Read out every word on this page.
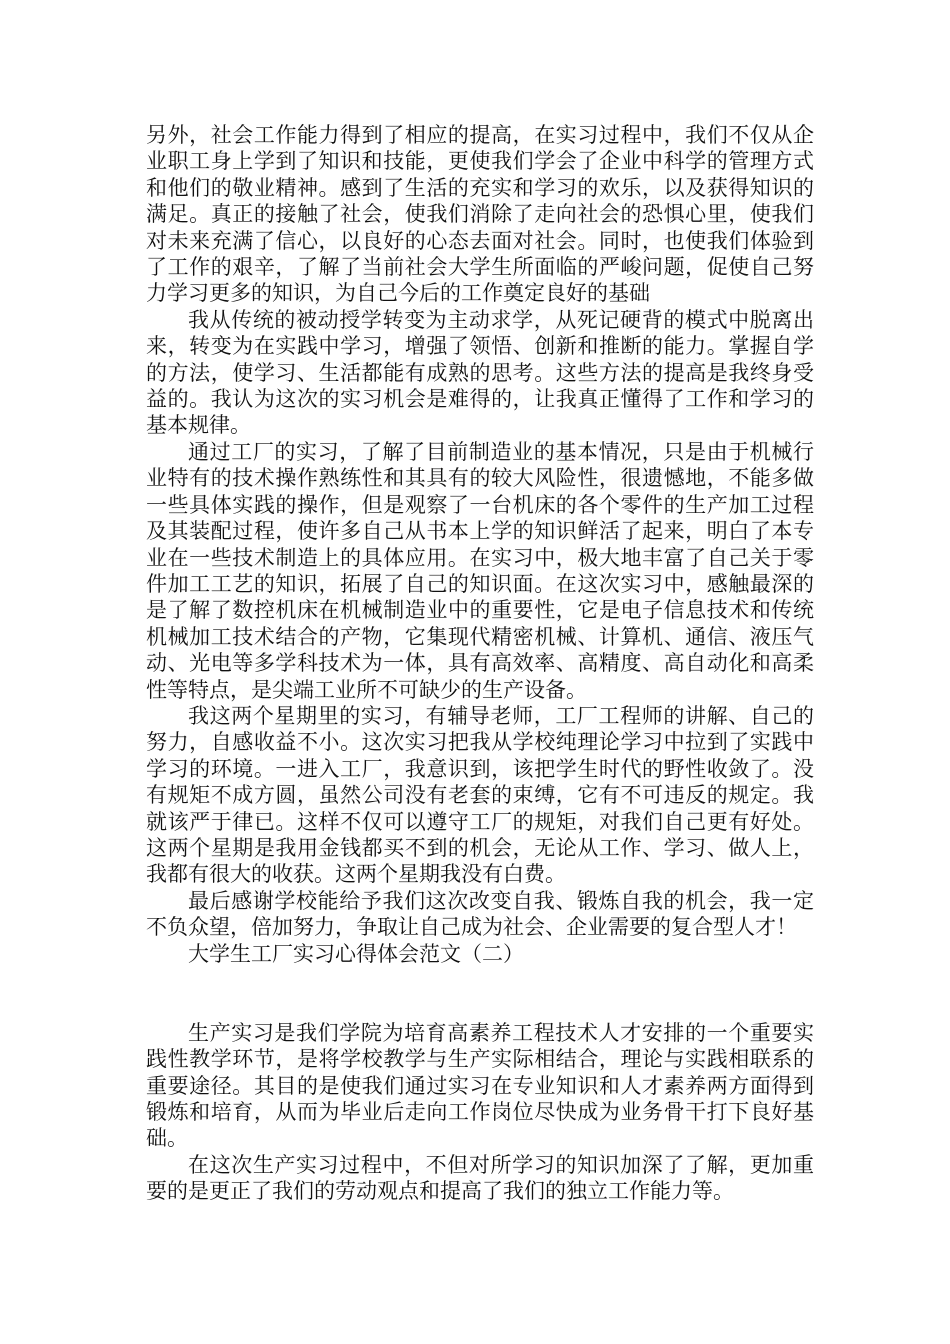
另外，社会工作能力得到了相应的提高，在实习过程中，我们不仅从企业职工身上学到了知识和技能，更使我们学会了企业中科学的管理方式和他们的敬业精神。感到了生活的充实和学习的欢乐，以及获得知识的满足。真正的接触了社会，使我们消除了走向社会的恐惧心里，使我们对未来充满了信心，以良好的心态去面对社会。同时，也使我们体验到了工作的艰辛，了解了当前社会大学生所面临的严峻问题，促使自己努力学习更多的知识，为自己今后的工作奠定良好的基础

我从传统的被动授学转变为主动求学，从死记硬背的模式中脱离出来，转变为在实践中学习，增强了领悟、创新和推断的能力。掌握自学的方法，使学习、生活都能有成熟的思考。这些方法的提高是我终身受益的。我认为这次的实习机会是难得的，让我真正懂得了工作和学习的基本规律。

通过工厂的实习，了解了目前制造业的基本情况，只是由于机械行业特有的技术操作熟练性和其具有的较大风险性，很遗憾地，不能多做一些具体实践的操作，但是观察了一台机床的各个零件的生产加工过程及其装配过程，使许多自己从书本上学的知识鲜活了起来，明白了本专业在一些技术制造上的具体应用。在实习中，极大地丰富了自己关于零件加工工艺的知识，拓展了自己的知识面。在这次实习中，感触最深的是了解了数控机床在机械制造业中的重要性，它是电子信息技术和传统机械加工技术结合的产物，它集现代精密机械、计算机、通信、液压气动、光电等多学科技术为一体，具有高效率、高精度、高自动化和高柔性等特点，是尖端工业所不可缺少的生产设备。

我这两个星期里的实习，有辅导老师，工厂工程师的讲解、自己的努力，自感收益不小。这次实习把我从学校纯理论学习中拉到了实践中学习的环境。一进入工厂，我意识到，该把学生时代的野性收敛了。没有规矩不成方圆，虽然公司没有老套的束缚，它有不可违反的规定。我就该严于律已。这样不仅可以遵守工厂的规矩，对我们自己更有好处。这两个星期是我用金钱都买不到的机会，无论从工作、学习、做人上，我都有很大的收获。这两个星期我没有白费。

最后感谢学校能给予我们这次改变自我、锻炼自我的机会，我一定不负众望，倍加努力，争取让自己成为社会、企业需要的复合型人才！

大学生工厂实习心得体会范文（二）

生产实习是我们学院为培育高素养工程技术人才安排的一个重要实践性教学环节，是将学校教学与生产实际相结合，理论与实践相联系的重要途径。其目的是使我们通过实习在专业知识和人才素养两方面得到锻炼和培育，从而为毕业后走向工作岗位尽快成为业务骨干打下良好基础。

在这次生产实习过程中，不但对所学习的知识加深了了解，更加重要的是更正了我们的劳动观点和提高了我们的独立工作能力等。
